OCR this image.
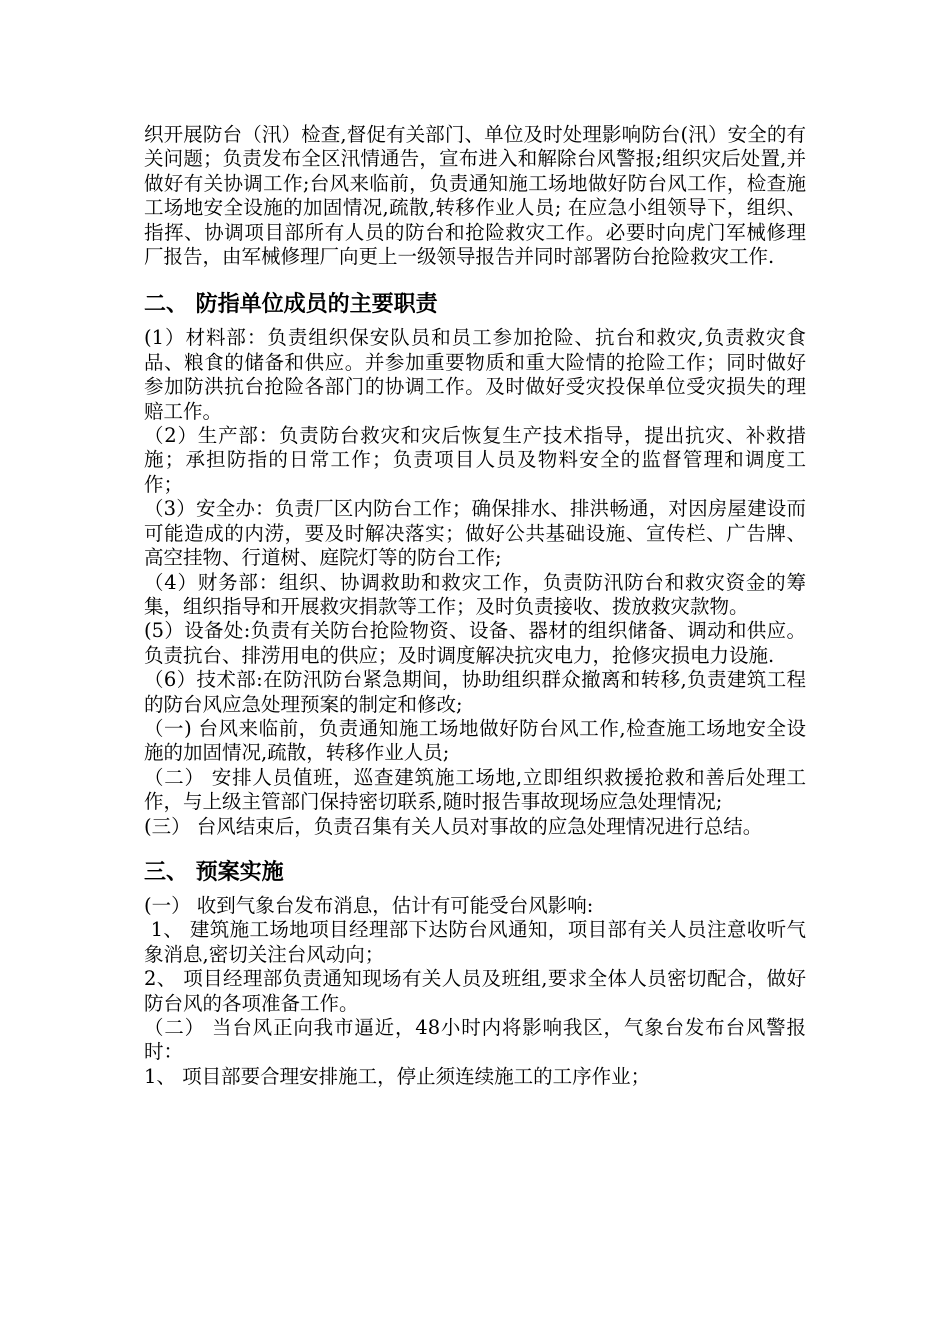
织开展防台（汛）检查,督促有关部门、单位及时处理影响防台(汛）安全的有关问题；负责发布全区汛情通告，宣布进入和解除台风警报;组织灾后处置,并做好有关协调工作;台风来临前，负责通知施工场地做好防台风工作，检查施工场地安全设施的加固情况,疏散,转移作业人员; 在应急小组领导下，组织、指挥、协调项目部所有人员的防台和抢险救灾工作。必要时向虎门军械修理厂报告，由军械修理厂向更上一级领导报告并同时部署防台抢险救灾工作.

二、 防指单位成员的主要职责

(1）材料部：负责组织保安队员和员工参加抢险、抗台和救灾,负责救灾食品、粮食的储备和供应。并参加重要物质和重大险情的抢险工作；同时做好参加防洪抗台抢险各部门的协调工作。及时做好受灾投保单位受灾损失的理赔工作。

（2）生产部：负责防台救灾和灾后恢复生产技术指导，提出抗灾、补救措施；承担防指的日常工作；负责项目人员及物料安全的监督管理和调度工作；

（3）安全办：负责厂区内防台工作；确保排水、排洪畅通，对因房屋建设而可能造成的内涝，要及时解决落实；做好公共基础设施、宣传栏、广告牌、高空挂物、行道树、庭院灯等的防台工作;

（4）财务部：组织、协调救助和救灾工作，负责防汛防台和救灾资金的筹集，组织指导和开展救灾捐款等工作；及时负责接收、拨放救灾款物。

(5）设备处:负责有关防台抢险物资、设备、器材的组织储备、调动和供应。负责抗台、排涝用电的供应；及时调度解决抗灾电力，抢修灾损电力设施.

（6）技术部:在防汛防台紧急期间，协助组织群众撤离和转移,负责建筑工程的防台风应急处理预案的制定和修改;

（一) 台风来临前，负责通知施工场地做好防台风工作,检查施工场地安全设施的加固情况,疏散，转移作业人员;

（二） 安排人员值班，巡查建筑施工场地,立即组织救援抢救和善后处理工作，与上级主管部门保持密切联系,随时报告事故现场应急处理情况;

(三） 台风结束后，负责召集有关人员对事故的应急处理情况进行总结。

三、 预案实施

(一） 收到气象台发布消息，估计有可能受台风影响:

1、 建筑施工场地项目经理部下达防台风通知，项目部有关人员注意收听气象消息,密切关注台风动向；

2、 项目经理部负责通知现场有关人员及班组,要求全体人员密切配合，做好防台风的各项准备工作。

（二） 当台风正向我市逼近，48小时内将影响我区，气象台发布台风警报时：

1、 项目部要合理安排施工，停止须连续施工的工序作业；
